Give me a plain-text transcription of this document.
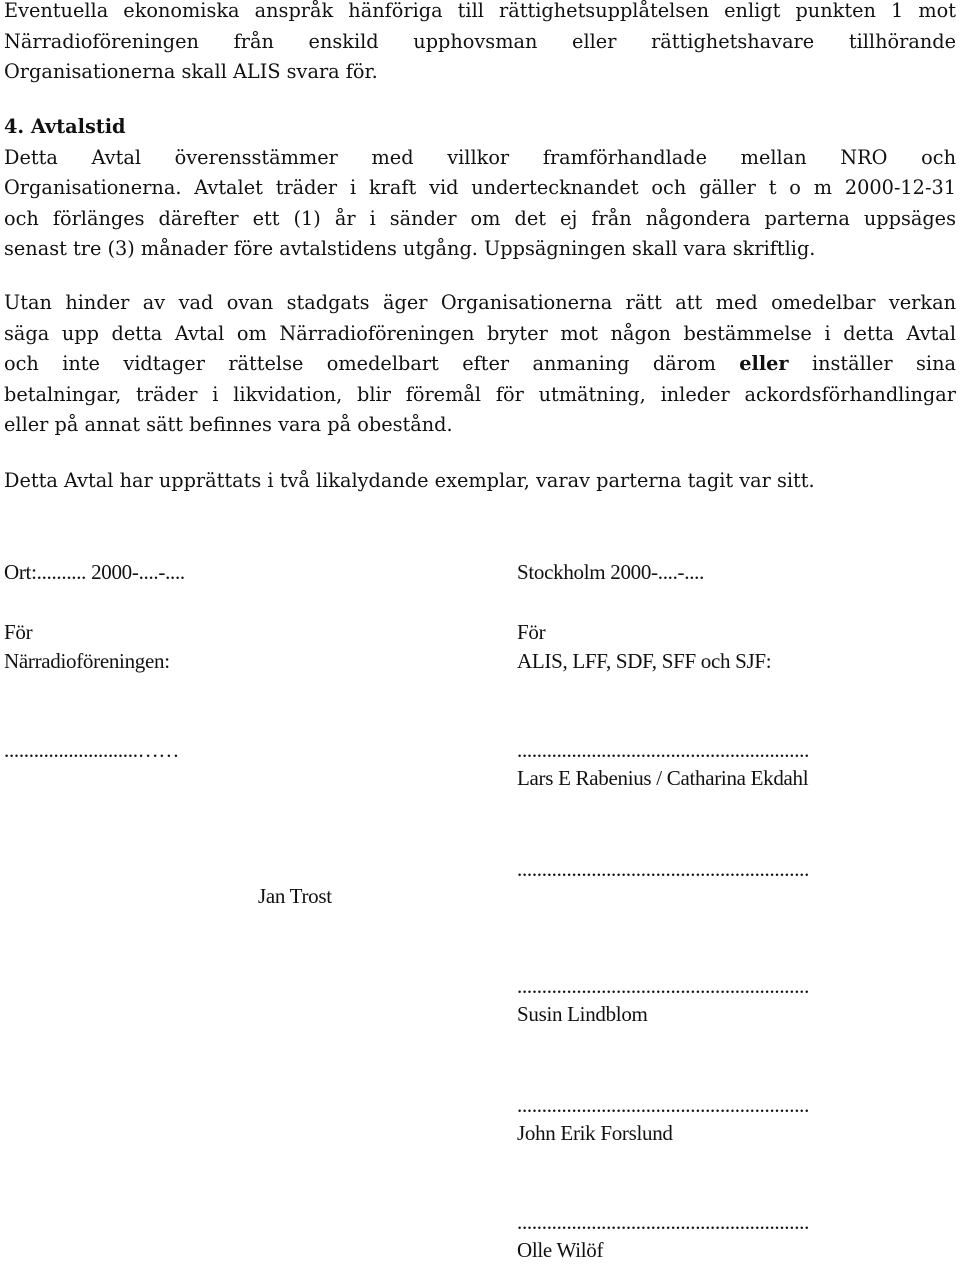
Eventuella ekonomiska anspråk hänföriga till rättighetsupplåtelsen enligt punkten 1 mot
Närradioföreningen från enskild upphovsman eller rättighetshavare tillhörande
Organisationerna skall ALIS svara för.
4. Avtalstid
Detta Avtal överensstämmer med villkor framförhandlade mellan NRO och
Organisationerna. Avtalet träder i kraft vid undertecknandet och gäller t o m 2000-12-31
och förlänges därefter ett (1) år i sänder om det ej från någondera parterna uppsäges
senast tre (3) månader före avtalstidens utgång. Uppsägningen skall vara skriftlig.
Utan hinder av vad ovan stadgats äger Organisationerna rätt att med omedelbar verkan
säga upp detta Avtal om Närradioföreningen bryter mot någon bestämmelse i detta Avtal
och inte vidtager rättelse omedelbart efter anmaning därom eller inställer sina
betalningar, träder i likvidation, blir föremål för utmätning, inleder ackordsförhandlingar
eller på annat sätt befinnes vara på obestånd.
Detta Avtal har upprättats i två likalydande exemplar, varav parterna tagit var sitt.
Ort:.......... 2000-....-....
För
Närradioföreningen:
...........................……
Jan Trost
Stockholm 2000-....-....
För
ALIS, LFF, SDF, SFF och SJF:
...........................................................
Lars E Rabenius / Catharina Ekdahl
...........................................................
...........................................................
Susin Lindblom
...........................................................
John Erik Forslund
...........................................................
Olle Wilöf
